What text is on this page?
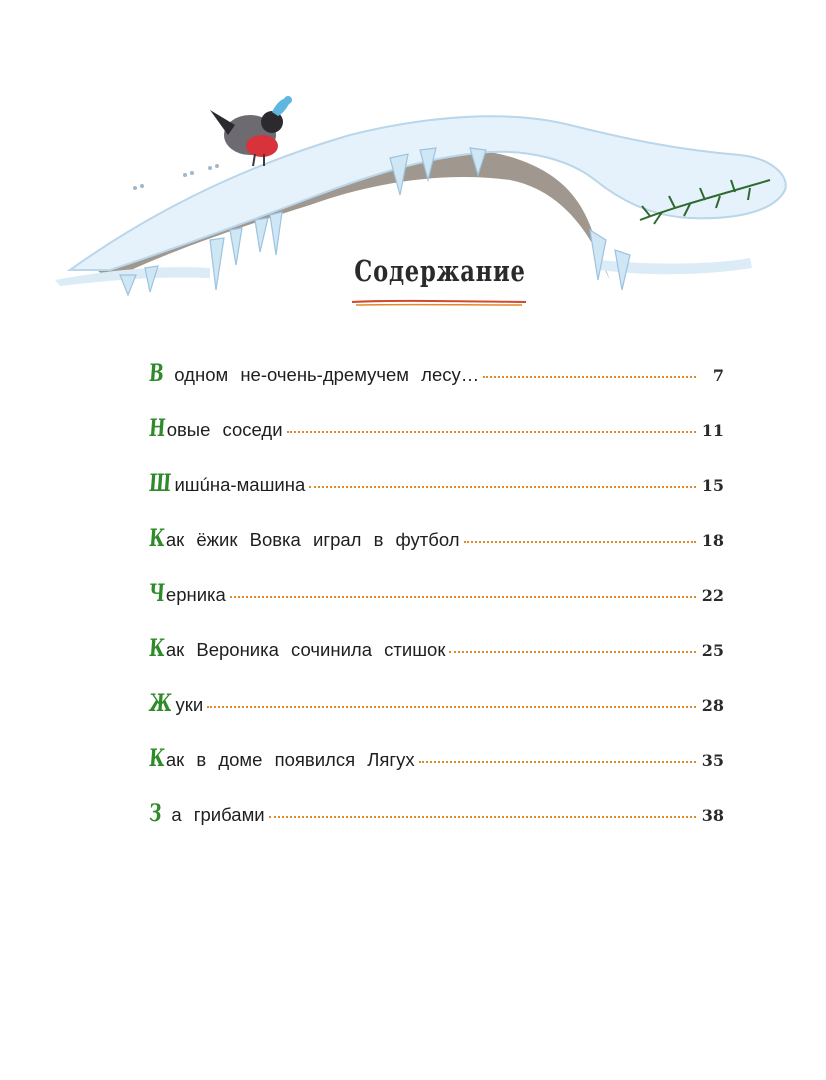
Содержание
В одном не-очень-дремучем лесу…	7
Н овые соседи	11
Ш ишúна-машина	15
К ак ёжик Вовка играл в футбол	18
Ч ерника	22
К ак Вероника сочинила стишок	25
Ж уки	28
К ак в доме появился Лягух	35
З а грибами	38
